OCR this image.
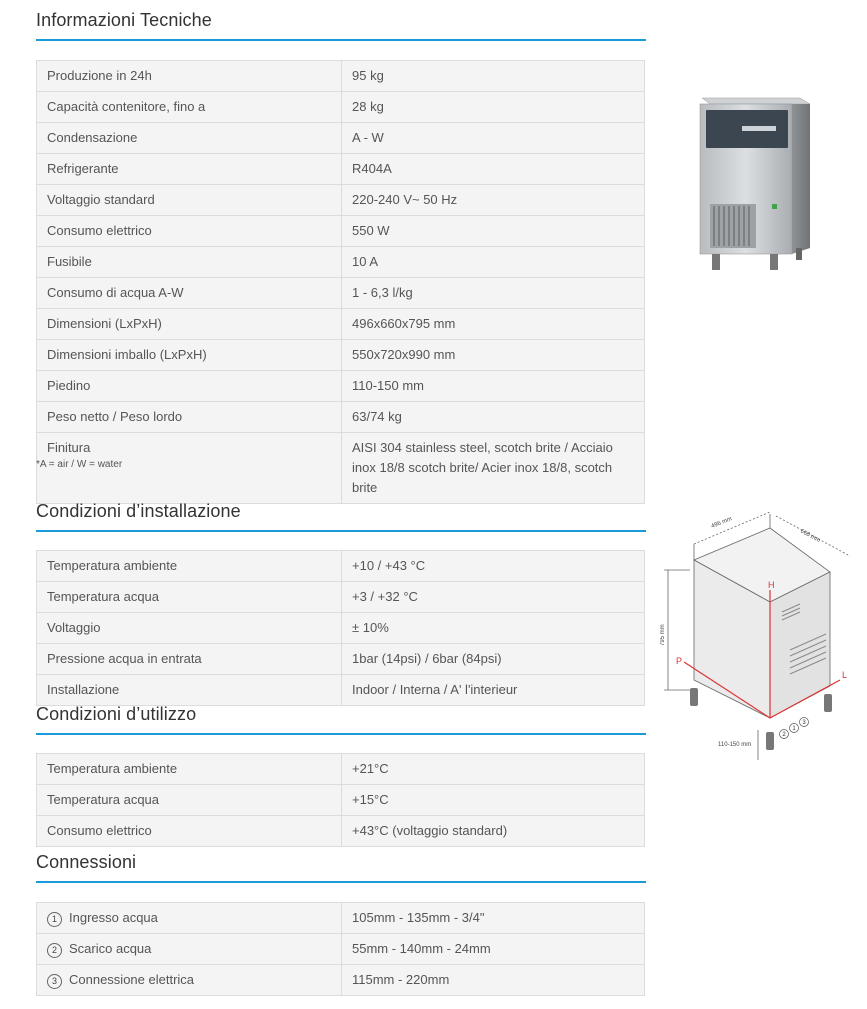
Informazioni Tecniche
Produzione in 24h	95 kg
Capacità contenitore, fino a	28 kg
Condensazione	A - W
Refrigerante	R404A
Voltaggio standard	220-240 V~ 50 Hz
Consumo elettrico	550 W
Fusibile	10 A
Consumo di acqua A-W	1 - 6,3 l/kg
Dimensioni (LxPxH)	496x660x795 mm
Dimensioni imballo (LxPxH)	550x720x990 mm
Piedino	110-150 mm
Peso netto / Peso lordo	63/74 kg
Finitura	AISI 304 stainless steel, scotch brite / Acciaio inox 18/8 scotch brite/ Acier inox 18/8, scotch brite
*A = air / W = water
Condizioni d’installazione
Temperatura ambiente	+10 / +43 °C
Temperatura acqua	+3 / +32 °C
Voltaggio	± 10%
Pressione acqua in entrata	1bar (14psi) / 6bar (84psi)
Installazione	Indoor / Interna / A' l'interieur
Condizioni d’utilizzo
Temperatura ambiente	+21°C
Temperatura acqua	+15°C
Consumo elettrico	+43°C (voltaggio standard)
Connessioni
1 Ingresso acqua	105mm - 135mm - 3/4"
2 Scarico acqua	55mm - 140mm - 24mm
3 Connessione elettrica	115mm - 220mm
H
P
L
496 mm
660 mm
795 mm
110-150 mm
2
1
3
